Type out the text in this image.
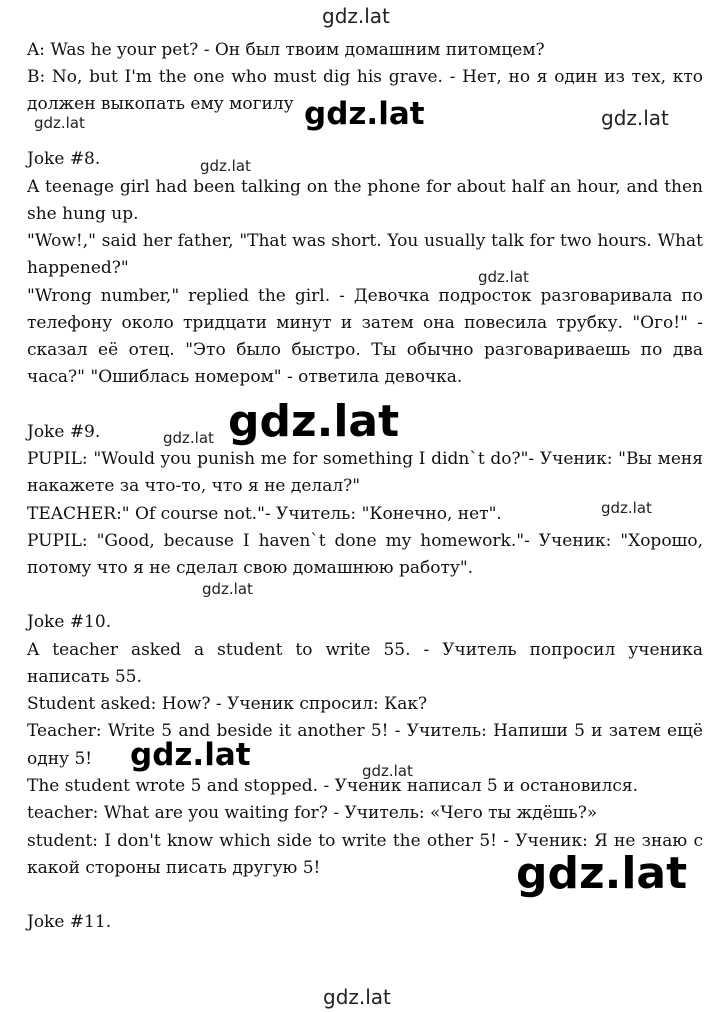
gdz.lat
gdz.lat	gdz.lat	gdz.lat
gdz.lat
gdz.lat
gdz.lat
gdz.lat
gdz.lat
gdz.lat
gdz.lat	gdz.lat
gdz.lat
gdz.lat
A: Was he your pet? - Он был твоим домашним питомцем?
B: No, but I'm the one who must dig his grave. - Нет, но я один из тех, кто
должен выкопать ему могилу
Joke #8.
A teenage girl had been talking on the phone for about half an hour, and then
she hung up.
"Wow!," said her father, "That was short. You usually talk for two hours. What
happened?"
"Wrong number," replied the girl. - Девочка подросток разговаривала по
телефону около тридцати минут и затем она повесила трубку. "Ого!" -
сказал её отец. "Это было быстро. Ты обычно разговариваешь по два
часа?" "Ошиблась номером" - ответила девочка.
Joke #9.
PUPIL: "Would you punish me for something I didn`t do?"- Ученик: "Вы меня
накажете за что-то, что я не делал?"
TEACHER:" Of course not."- Учитель: "Конечно, нет".
PUPIL: "Good, because I haven`t done my homework."- Ученик: "Хорошо,
потому что я не сделал свою домашнюю работу".
Joke #10.
A teacher asked a student to write 55. - Учитель попросил ученика
написать 55.
Student asked: How? - Ученик спросил: Как?
Teacher: Write 5 and beside it another 5! - Учитель: Напиши 5 и затем ещё
одну 5!
The student wrote 5 and stopped. - Ученик написал 5 и остановился.
teacher: What are you waiting for? - Учитель: «Чего ты ждёшь?»
student: I don't know which side to write the other 5! - Ученик: Я не знаю с
какой стороны писать другую 5!
Joke #11.
